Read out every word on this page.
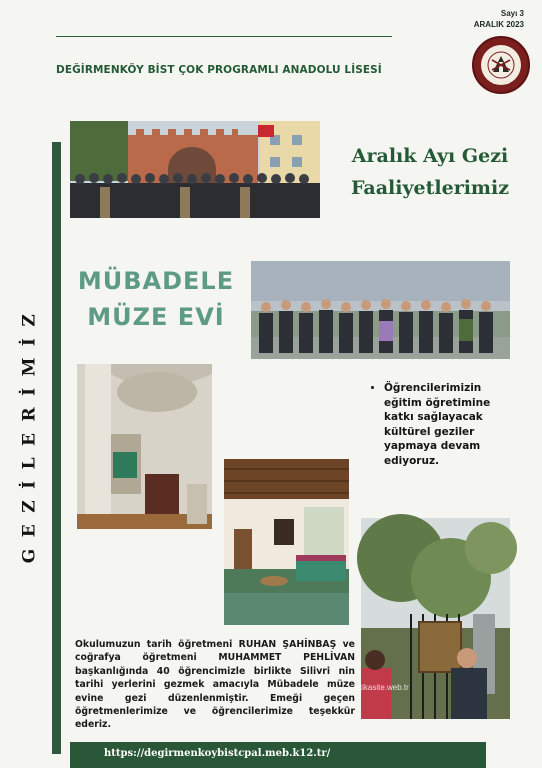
Sayı 3
ARALIK 2023
DEĞİRMENKÖY BİST ÇOK PROGRAMLI ANADOLU LİSESİ
SİLİVRİ
GEZİLERİMİZ
Aralık Ayı Gezi
Faaliyetlerimiz
MÜBADELE
MÜZE EVİ
• Öğrencilerimizin eğitim öğretimine katkı sağlayacak kültürel geziler yapmaya devam ediyoruz.
hatikasite.web.tr
Okulumuzun tarih öğretmeni RUHAN ŞAHİNBAŞ ve coğrafya öğretmeni MUHAMMET PEHLİVAN başkanlığında 40 öğrencimizle birlikte Silivri nin tarihi yerlerini gezmek amacıyla Mübadele müze evine gezi düzenlenmiştir. Emeği geçen öğretmenlerimize ve öğrencilerimize teşekkür ederiz.
https://degirmenkoybistcpal.meb.k12.tr/
